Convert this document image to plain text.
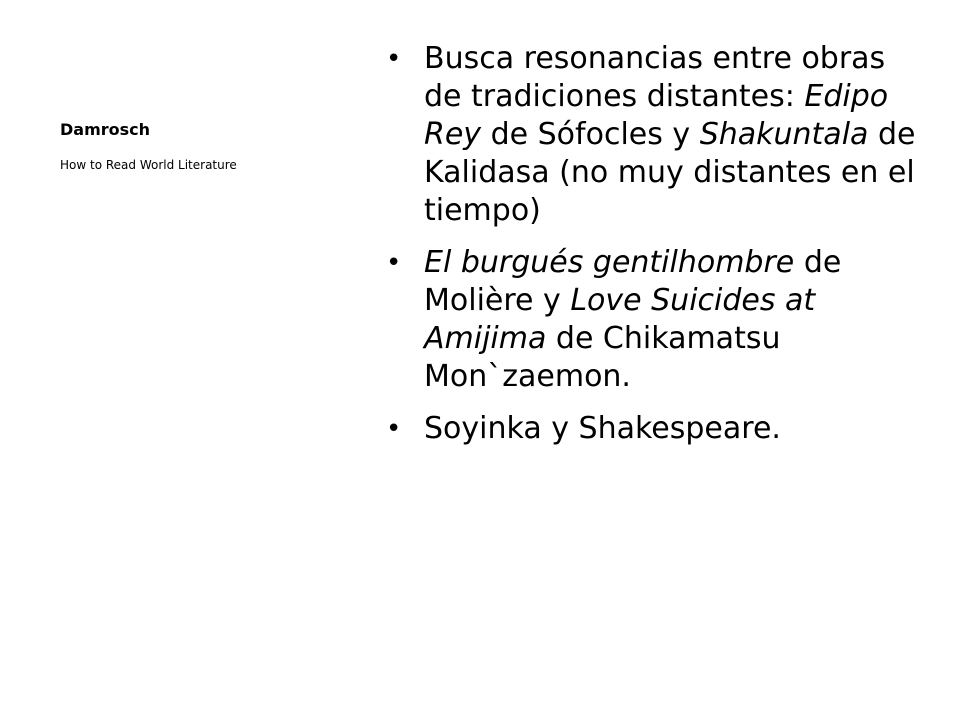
Damrosch
How to Read World Literature
• Busca resonancias entre obras de tradiciones distantes: Edipo Rey de Sófocles y Shakuntala de Kalidasa (no muy distantes en el tiempo)
• El burgués gentilhombre de Molière y Love Suicides at Amijima de Chikamatsu Mon`zaemon.
• Soyinka y Shakespeare.
